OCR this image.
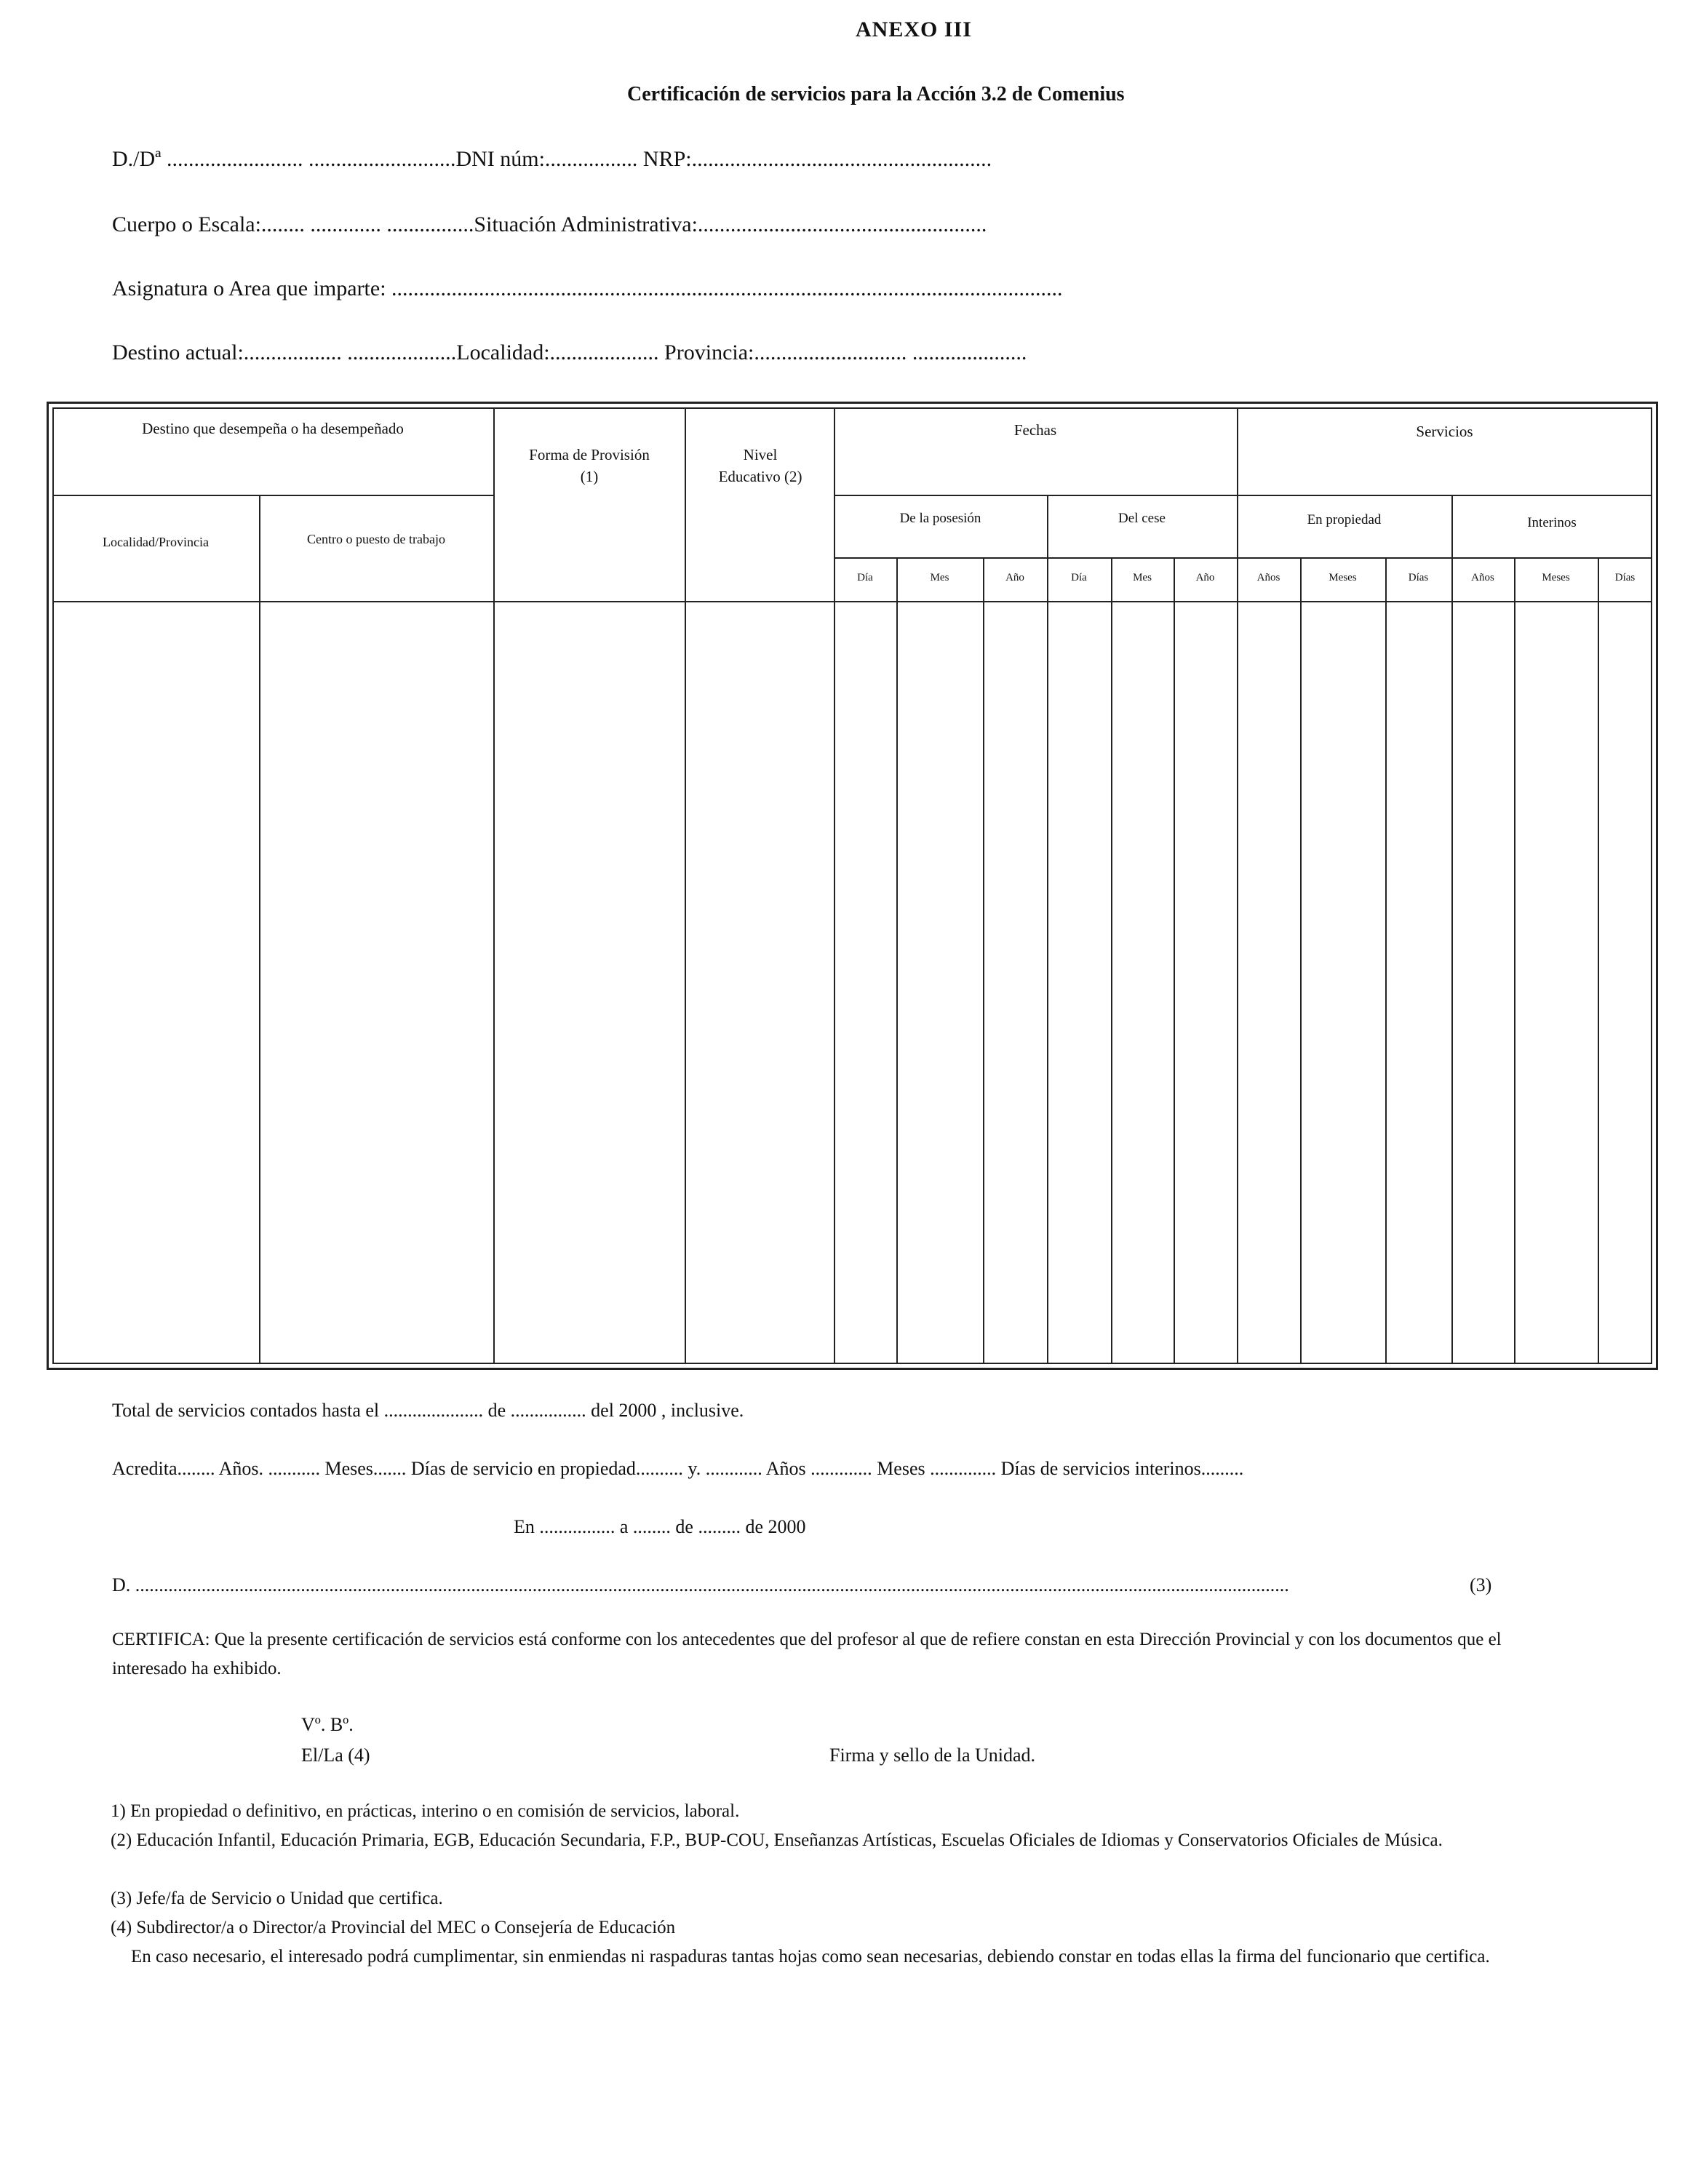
ANEXO III
Certificación de servicios para la Acción 3.2 de Comenius
D./Dª ......................... ...........................DNI núm:................. NRP:.......................................................
Cuerpo o Escala:........ ............. ................Situación Administrativa:.....................................................
Asignatura o Area que imparte: ...........................................................................................................................
Destino actual:.................. ....................Localidad:.................... Provincia:............................ .....................
Destino que desempeña o ha desempeñado
Localidad/Provincia	Centro o puesto de trabajo
Forma de Provisión (1)
Nivel Educativo (2)
Fechas
De la posesión	Del cese
Servicios
En propiedad	Interinos
Día	Mes	Año	Día	Mes	Año	Años	Meses	Días	Años	Meses	Días
Total de servicios contados hasta el ..................... de ................ del 2000 , inclusive.
Acredita........ Años. ........... Meses....... Días de servicio en propiedad.......... y. ............ Años ............. Meses .............. Días de servicios interinos.........
En ................ a ........ de ......... de 2000
D. ....................................................................................................................................................................................................................................................	(3)
CERTIFICA: Que la presente certificación de servicios está conforme con los antecedentes que del profesor al que de refiere constan en esta Dirección Provincial y con los documentos que el interesado ha exhibido.
Vº. Bº.
El/La (4)	Firma y sello de la Unidad.
1) En propiedad o definitivo, en prácticas, interino o en comisión de servicios, laboral.
(2) Educación Infantil, Educación Primaria, EGB, Educación Secundaria, F.P., BUP-COU, Enseñanzas Artísticas, Escuelas Oficiales de Idiomas y Conservatorios Oficiales de Música.
(3) Jefe/fa de Servicio o Unidad que certifica.
(4) Subdirector/a o Director/a Provincial del MEC o Consejería de Educación
En caso necesario, el interesado podrá cumplimentar, sin enmiendas ni raspaduras tantas hojas como sean necesarias, debiendo constar en todas ellas la firma del funcionario que certifica.
